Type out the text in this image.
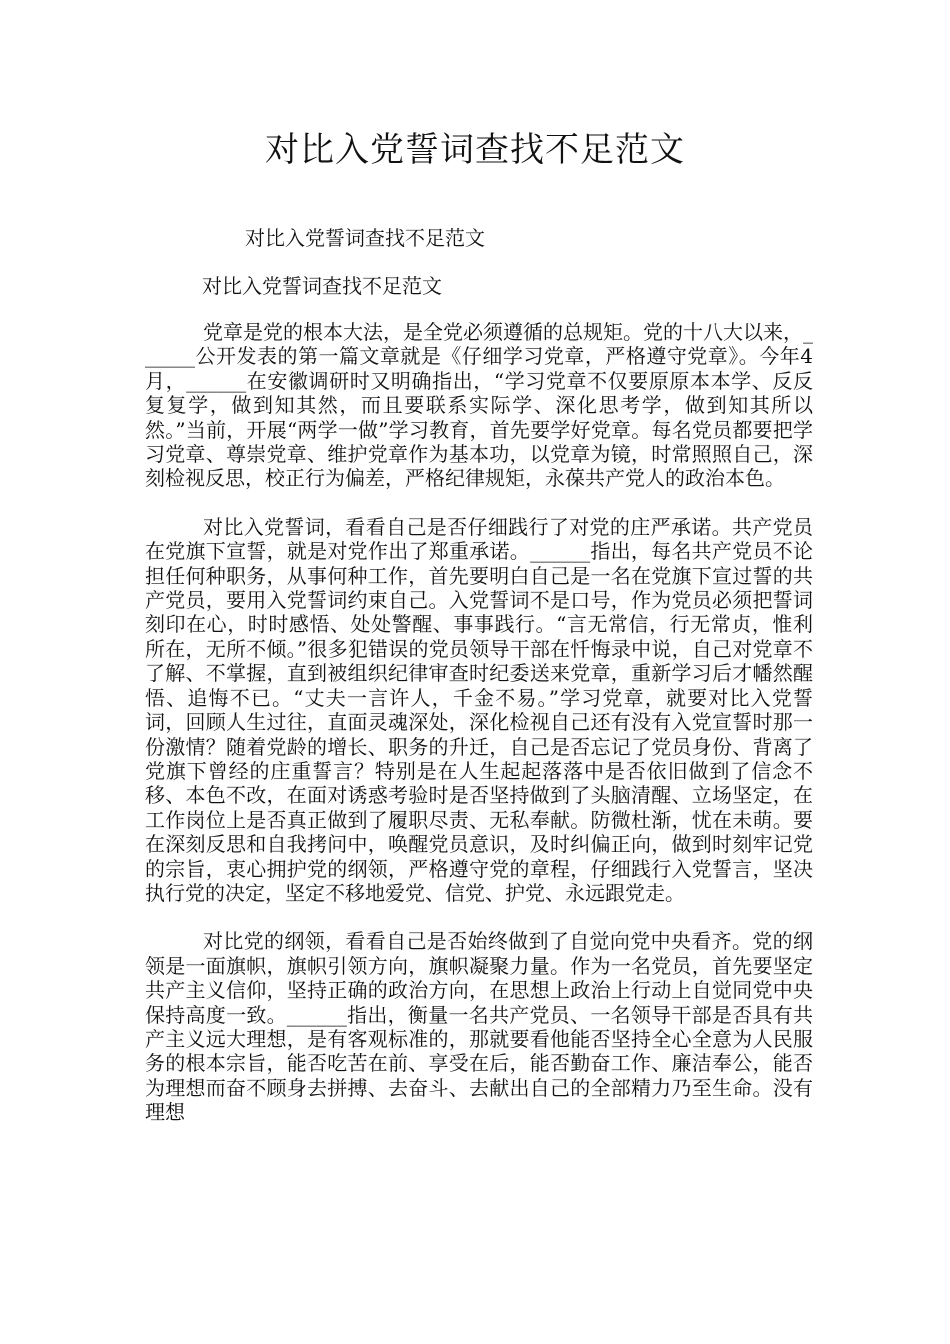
对比入党誓词查找不足范文

对比入党誓词查找不足范文

对比入党誓词查找不足范文

党章是党的根本大法，是全党必须遵循的总规矩。党的十八大以来，______公开发表的第一篇文章就是《仔细学习党章，严格遵守党章》。今年4月，______在安徽调研时又明确指出，“学习党章不仅要原原本本学、反反复复学，做到知其然，而且要联系实际学、深化思考学，做到知其所以然。”当前，开展“两学一做”学习教育，首先要学好党章。每名党员都要把学习党章、尊崇党章、维护党章作为基本功，以党章为镜，时常照照自己，深刻检视反思，校正行为偏差，严格纪律规矩，永葆共产党人的政治本色。

对比入党誓词，看看自己是否仔细践行了对党的庄严承诺。共产党员在党旗下宣誓，就是对党作出了郑重承诺。______指出，每名共产党员不论担任何种职务，从事何种工作，首先要明白自己是一名在党旗下宣过誓的共产党员，要用入党誓词约束自己。入党誓词不是口号，作为党员必须把誓词刻印在心，时时感悟、处处警醒、事事践行。“言无常信，行无常贞，惟利所在，无所不倾。”很多犯错误的党员领导干部在忏悔录中说，自己对党章不了解、不掌握，直到被组织纪律审查时纪委送来党章，重新学习后才幡然醒悟、追悔不已。“丈夫一言许人，千金不易。”学习党章，就要对比入党誓词，回顾人生过往，直面灵魂深处，深化检视自己还有没有入党宣誓时那一份激情？随着党龄的增长、职务的升迁，自己是否忘记了党员身份、背离了党旗下曾经的庄重誓言？特别是在人生起起落落中是否依旧做到了信念不移、本色不改，在面对诱惑考验时是否坚持做到了头脑清醒、立场坚定，在工作岗位上是否真正做到了履职尽责、无私奉献。防微杜渐，忧在未萌。要在深刻反思和自我拷问中，唤醒党员意识，及时纠偏正向，做到时刻牢记党的宗旨，衷心拥护党的纲领，严格遵守党的章程，仔细践行入党誓言，坚决执行党的决定，坚定不移地爱党、信党、护党、永远跟党走。

对比党的纲领，看看自己是否始终做到了自觉向党中央看齐。党的纲领是一面旗帜，旗帜引领方向，旗帜凝聚力量。作为一名党员，首先要坚定共产主义信仰，坚持正确的政治方向，在思想上政治上行动上自觉同党中央保持高度一致。______指出，衡量一名共产党员、一名领导干部是否具有共产主义远大理想，是有客观标准的，那就要看他能否坚持全心全意为人民服务的根本宗旨，能否吃苦在前、享受在后，能否勤奋工作、廉洁奉公，能否为理想而奋不顾身去拼搏、去奋斗、去献出自己的全部精力乃至生命。没有理想
